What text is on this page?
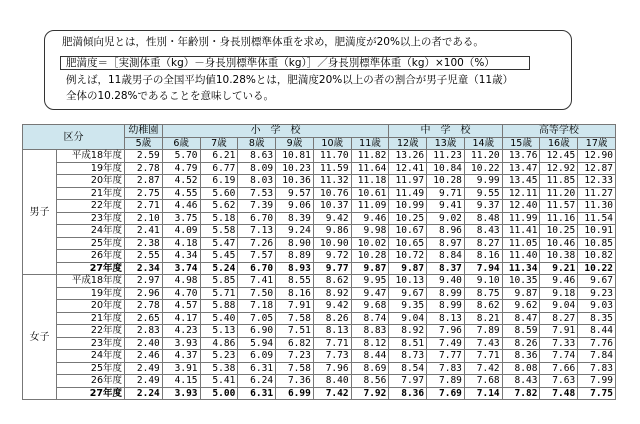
肥満傾向児とは，性別・年齢別・身長別標準体重を求め，肥満度が20%以上の者である。
肥満度＝［実測体重（kg）－身長別標準体重（kg）］／身長別標準体重（kg）×100（%）
例えば，11歳男子の全国平均値10.28%とは，肥満度20%以上の者の割合が男子児童（11歳）
全体の10.28%であることを意味している。
区分		幼稚園	小　学　校						中　学　校			高等学校		
		5歳	6歳	7歳	8歳	9歳	10歳	11歳	12歳	13歳	14歳	15歳	16歳	17歳
男子	平成18年度	2.59	5.70	6.21	8.63	10.81	11.70	11.82	13.26	11.23	11.20	13.76	12.45	12.90
	19年度	2.78	4.79	6.77	8.09	10.23	11.59	11.64	12.41	10.84	10.22	13.47	12.92	12.87
	20年度	2.87	4.52	6.19	8.03	10.36	11.32	11.18	11.97	10.28	9.99	13.45	11.85	12.33
	21年度	2.75	4.55	5.60	7.53	9.57	10.76	10.61	11.49	9.71	9.55	12.11	11.20	11.27
	22年度	2.71	4.46	5.62	7.39	9.06	10.37	11.09	10.99	9.41	9.37	12.40	11.57	11.30
	23年度	2.10	3.75	5.18	6.70	8.39	9.42	9.46	10.25	9.02	8.48	11.99	11.16	11.54
	24年度	2.41	4.09	5.58	7.13	9.24	9.86	9.98	10.67	8.96	8.43	11.41	10.25	10.91
	25年度	2.38	4.18	5.47	7.26	8.90	10.90	10.02	10.65	8.97	8.27	11.05	10.46	10.85
	26年度	2.55	4.34	5.45	7.57	8.89	9.72	10.28	10.72	8.84	8.16	11.40	10.38	10.82
	27年度	2.34	3.74	5.24	6.70	8.93	9.77	9.87	9.87	8.37	7.94	11.34	9.21	10.22
女子	平成18年度	2.97	4.98	5.85	7.41	8.55	8.62	9.95	10.13	9.40	9.10	10.35	9.46	9.67
	19年度	2.96	4.70	5.71	7.50	8.16	8.92	9.47	9.67	8.99	8.75	9.87	9.18	9.23
	20年度	2.78	4.57	5.88	7.18	7.91	9.42	9.68	9.35	8.99	8.62	9.62	9.04	9.03
	21年度	2.65	4.17	5.40	7.05	7.58	8.26	8.74	9.04	8.13	8.21	8.47	8.27	8.35
	22年度	2.83	4.23	5.13	6.90	7.51	8.13	8.83	8.92	7.96	7.89	8.59	7.91	8.44
	23年度	2.40	3.93	4.86	5.94	6.82	7.71	8.12	8.51	7.49	7.43	8.26	7.33	7.76
	24年度	2.46	4.37	5.23	6.09	7.23	7.73	8.44	8.73	7.77	7.71	8.36	7.74	7.84
	25年度	2.49	3.91	5.38	6.31	7.58	7.96	8.69	8.54	7.83	7.42	8.08	7.66	7.83
	26年度	2.49	4.15	5.41	6.24	7.36	8.40	8.56	7.97	7.89	7.68	8.43	7.63	7.99
	27年度	2.24	3.93	5.00	6.31	6.99	7.42	7.92	8.36	7.69	7.14	7.82	7.48	7.75
